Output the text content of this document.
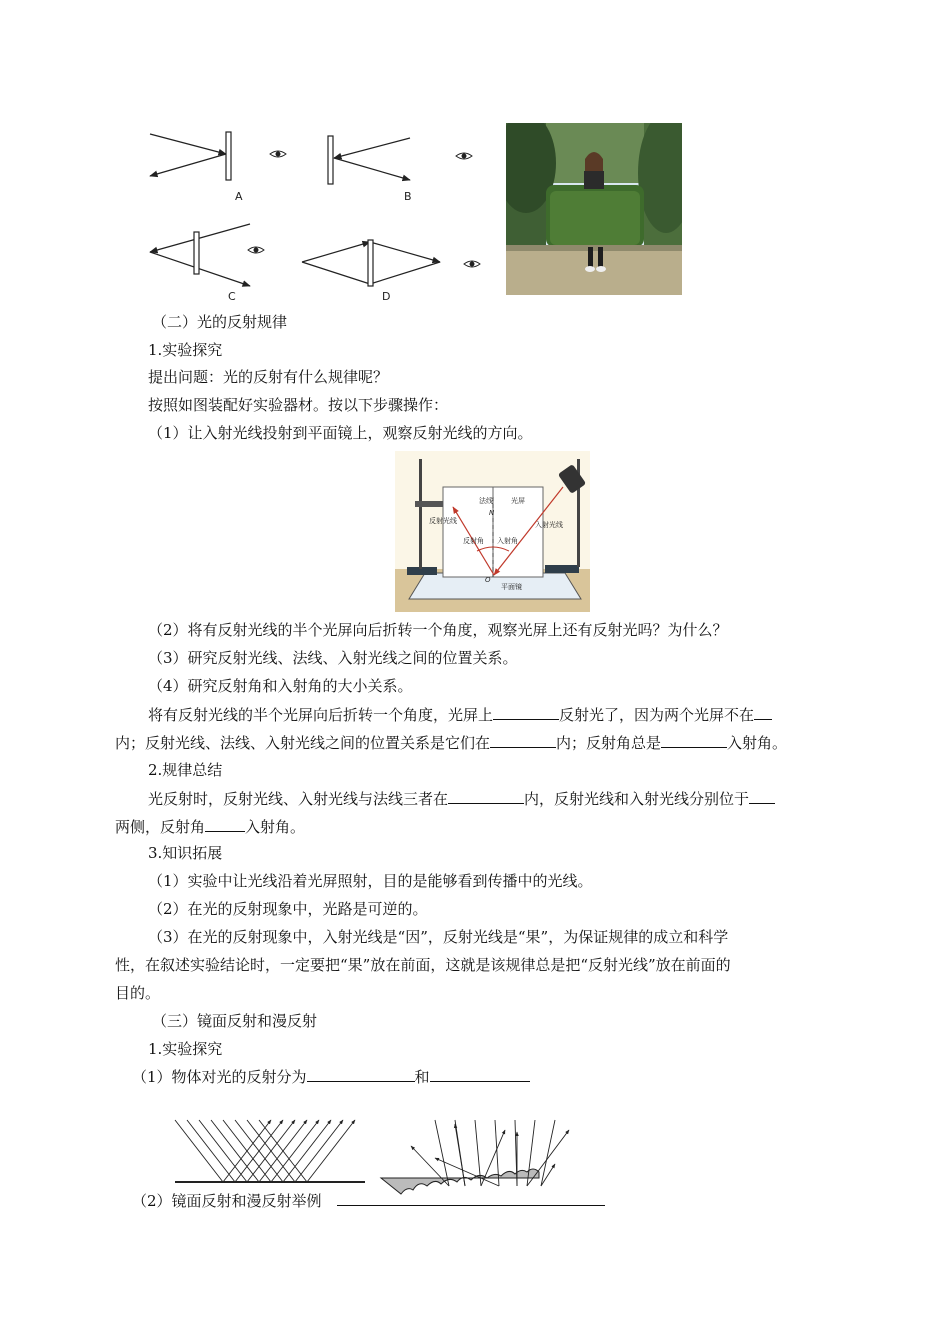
A	B
C	D
（二）光的反射规律
1.实验探究
提出问题：光的反射有什么规律呢？
按照如图装配好实验器材。按以下步骤操作：
（1）让入射光线投射到平面镜上，观察反射光线的方向。
法线	光屏
N
反射光线
反射角 入射角
入射光线
O
平面镜
（2）将有反射光线的半个光屏向后折转一个角度，观察光屏上还有反射光吗？为什么？
（3）研究反射光线、法线、入射光线之间的位置关系。
（4）研究反射角和入射角的大小关系。
将有反射光线的半个光屏向后折转一个角度，光屏上	反射光了，因为两个光屏不在
内；反射光线、法线、入射光线之间的位置关系是它们在	内；反射角总是	入射角。
2.规律总结
光反射时，反射光线、入射光线与法线三者在	内，反射光线和入射光线分别位于
两侧，反射角	入射角。
3.知识拓展
（1）实验中让光线沿着光屏照射，目的是能够看到传播中的光线。
（2）在光的反射现象中，光路是可逆的。
（3）在光的反射现象中，入射光线是“因”，反射光线是“果”，为保证规律的成立和科学
性，在叙述实验结论时，一定要把“果”放在前面，这就是该规律总是把“反射光线”放在前面的
目的。
（三）镜面反射和漫反射
1.实验探究
（1）物体对光的反射分为	和
（2）镜面反射和漫反射举例　
